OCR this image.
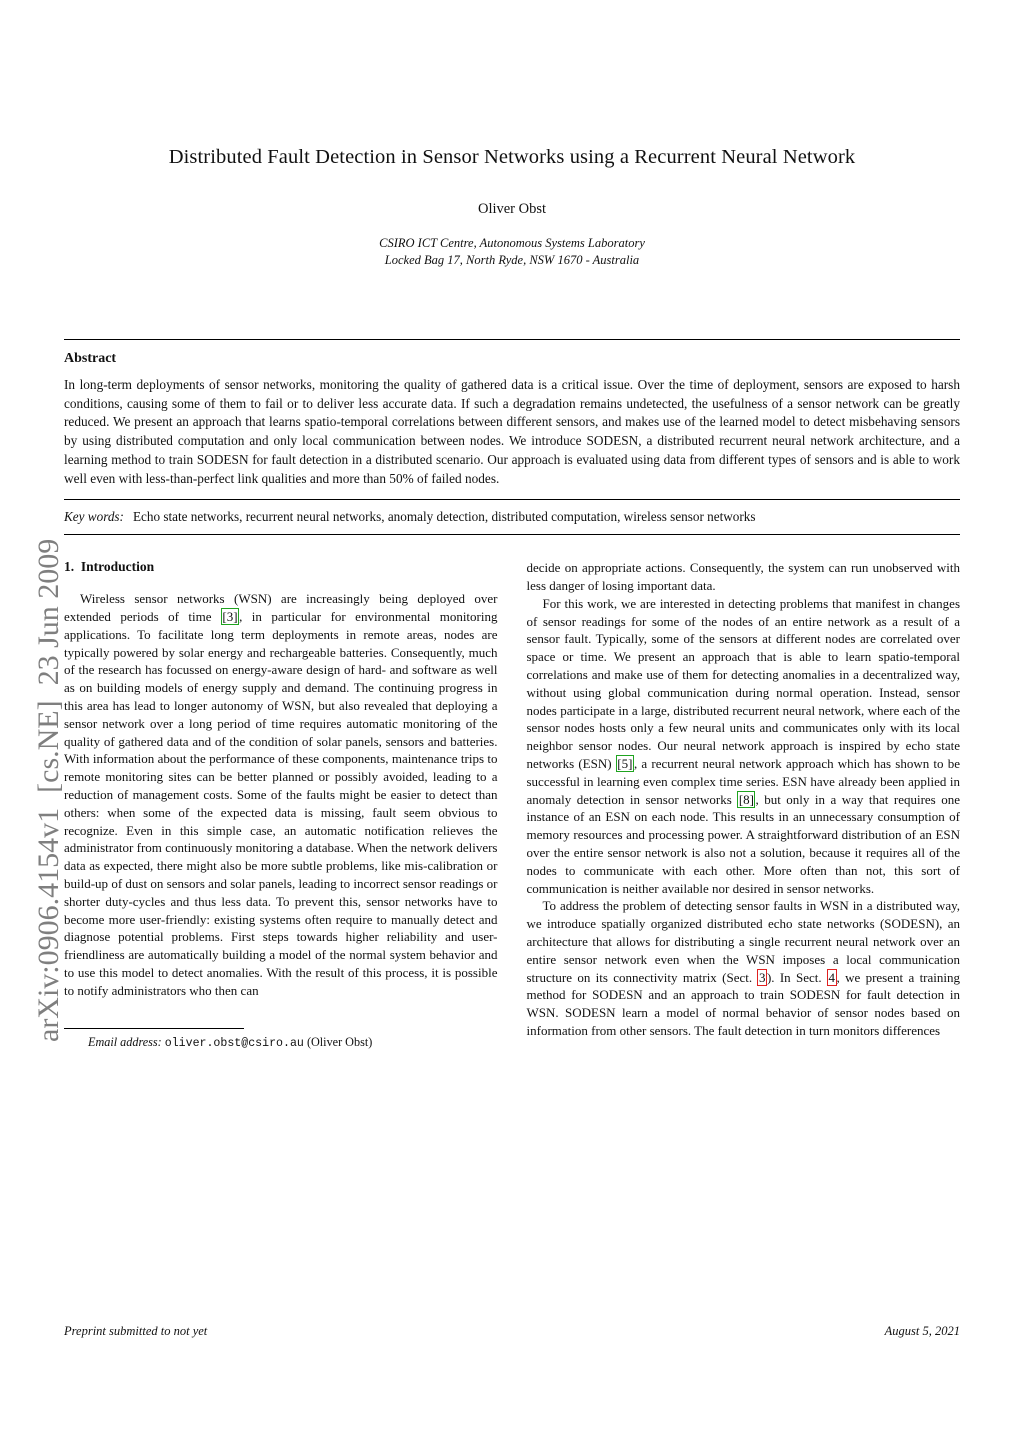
arXiv:0906.4154v1  [cs.NE]  23 Jun 2009
Distributed Fault Detection in Sensor Networks using a Recurrent Neural Network
Oliver Obst
CSIRO ICT Centre, Autonomous Systems Laboratory
Locked Bag 17, North Ryde, NSW 1670 - Australia
Abstract

In long-term deployments of sensor networks, monitoring the quality of gathered data is a critical issue. Over the time of deployment, sensors are exposed to harsh conditions, causing some of them to fail or to deliver less accurate data. If such a degradation remains undetected, the usefulness of a sensor network can be greatly reduced. We present an approach that learns spatio-temporal correlations between different sensors, and makes use of the learned model to detect misbehaving sensors by using distributed computation and only local communication between nodes. We introduce SODESN, a distributed recurrent neural network architecture, and a learning method to train SODESN for fault detection in a distributed scenario. Our approach is evaluated using data from different types of sensors and is able to work well even with less-than-perfect link qualities and more than 50% of failed nodes.

Key words: Echo state networks, recurrent neural networks, anomaly detection, distributed computation, wireless sensor networks
1.  Introduction

Wireless sensor networks (WSN) are increasingly being deployed over extended periods of time [3] , in particular for environmental monitoring applications. To facilitate long term deployments in remote areas, nodes are typically powered by solar energy and rechargeable batteries. Consequently, much of the research has focussed on energy-aware design of hard- and software as well as on building models of energy supply and demand. The continuing progress in this area has lead to longer autonomy of WSN, but also revealed that deploying a sensor network over a long period of time requires automatic monitoring of the quality of gathered data and of the condition of solar panels, sensors and batteries. With information about the performance of these components, maintenance trips to remote monitoring sites can be better planned or possibly avoided, leading to a reduction of management costs. Some of the faults might be easier to detect than others: when some of the expected data is missing, fault seem obvious to recognize. Even in this simple case, an automatic notification relieves the administrator from continuously monitoring a database. When the network delivers data as expected, there might also be more subtle problems, like mis-calibration or build-up of dust on sensors and solar panels, leading to incorrect sensor readings or shorter duty-cycles and thus less data. To prevent this, sensor networks have to become more user-friendly: existing systems often require to manually detect and diagnose potential problems. First steps towards higher reliability and user-friendliness are automatically building a model of the normal system behavior and to use this model to detect anomalies. With the result of this process, it is possible to notify administrators who then can

Email address: oliver.obst@csiro.au (Oliver Obst)

decide on appropriate actions. Consequently, the system can run unobserved with less danger of losing important data.

For this work, we are interested in detecting problems that manifest in changes of sensor readings for some of the nodes of an entire network as a result of a sensor fault. Typically, some of the sensors at different nodes are correlated over space or time. We present an approach that is able to learn spatio-temporal correlations and make use of them for detecting anomalies in a decentralized way, without using global communication during normal operation. Instead, sensor nodes participate in a large, distributed recurrent neural network, where each of the sensor nodes hosts only a few neural units and communicates only with its local neighbor sensor nodes. Our neural network approach is inspired by echo state networks (ESN) [5] , a recurrent neural network approach which has shown to be successful in learning even complex time series. ESN have already been applied in anomaly detection in sensor networks [8] , but only in a way that requires one instance of an ESN on each node. This results in an unnecessary consumption of memory resources and processing power. A straightforward distribution of an ESN over the entire sensor network is also not a solution, because it requires all of the nodes to communicate with each other. More often than not, this sort of communication is neither available nor desired in sensor networks.

To address the problem of detecting sensor faults in WSN in a distributed way, we introduce spatially organized distributed echo state networks (SODESN), an architecture that allows for distributing a single recurrent neural network over an entire sensor network even when the WSN imposes a local communication structure on its connectivity matrix (Sect. 3 ). In Sect. 4 , we present a training method for SODESN and an approach to train SODESN for fault detection in WSN. SODESN learn a model of normal behavior of sensor nodes based on information from other sensors. The fault detection in turn monitors differences

Preprint submitted to not yet	August 5, 2021
